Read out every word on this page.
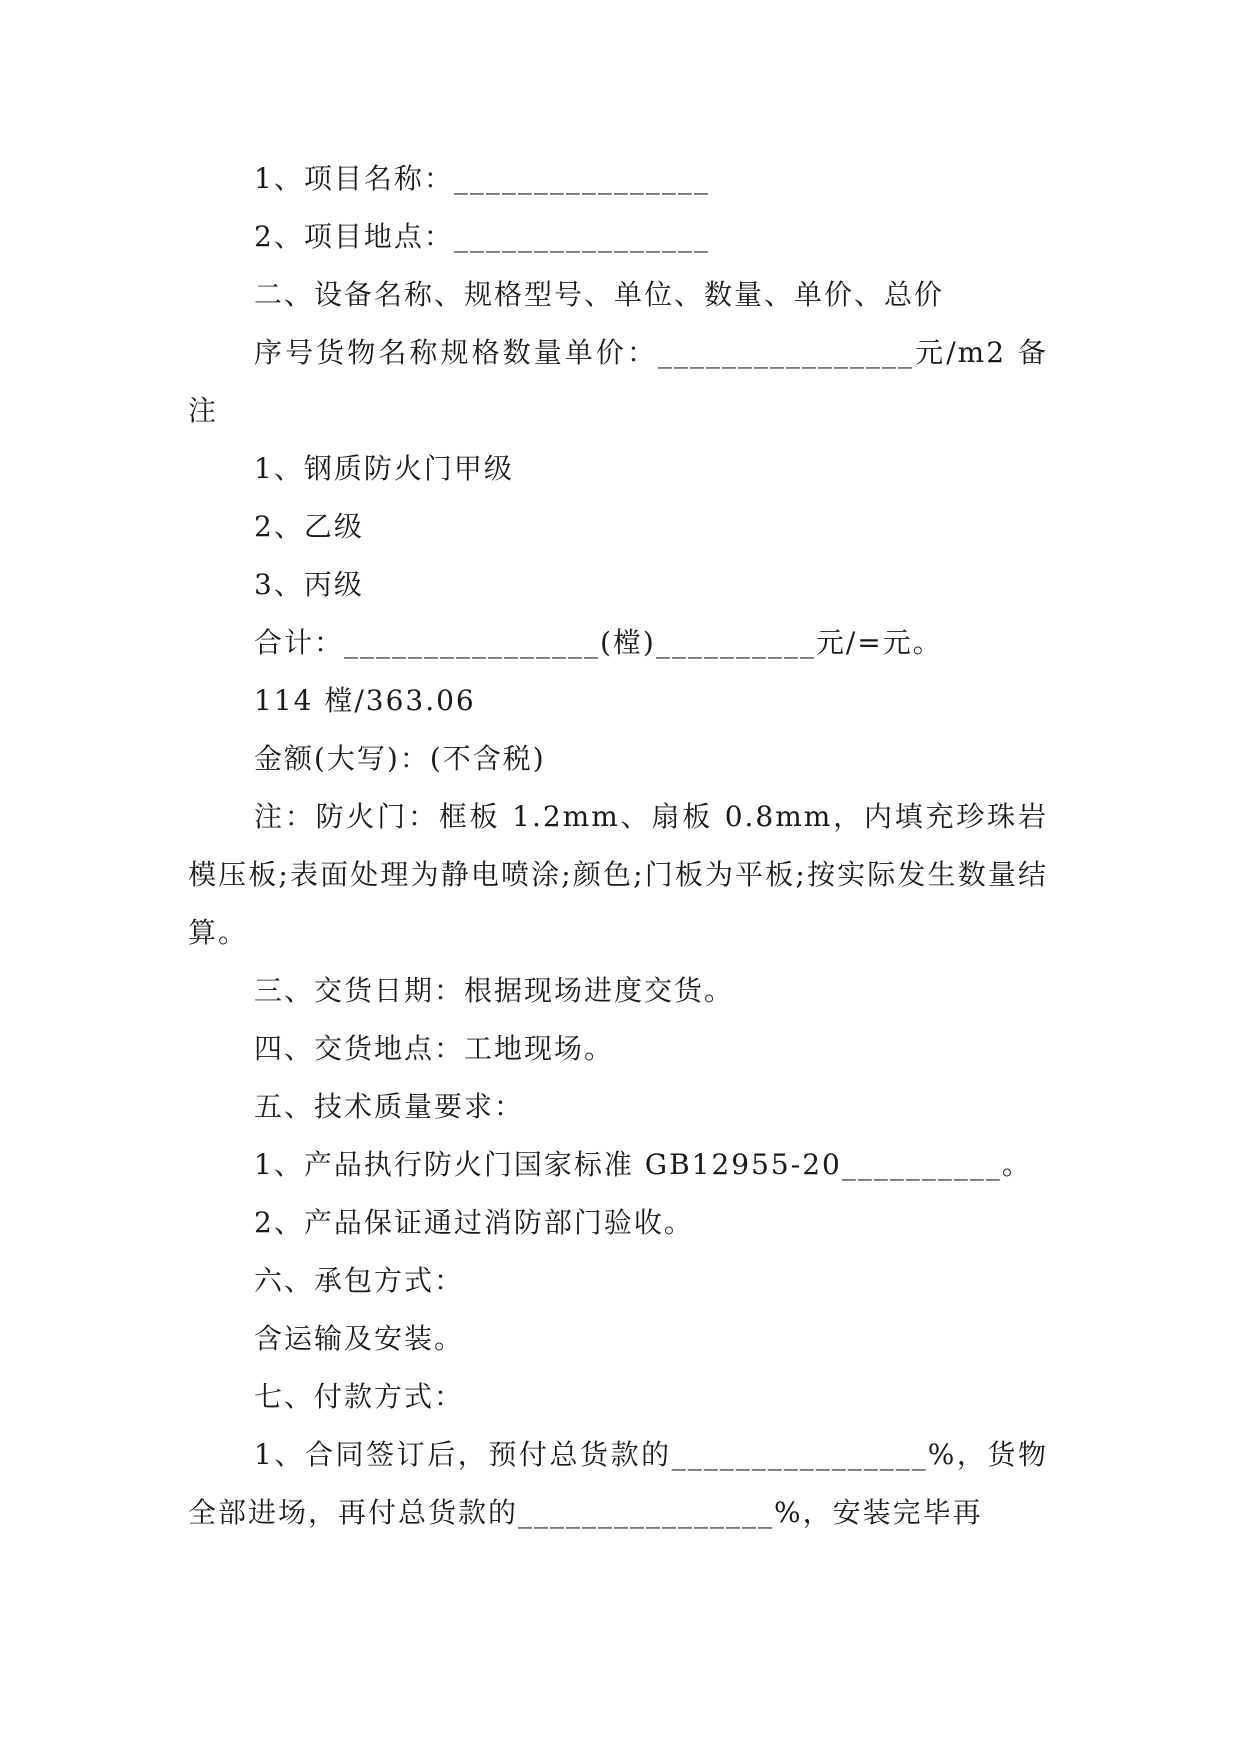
1、项目名称：________________

2、项目地点：________________

二、设备名称、规格型号、单位、数量、单价、总价

序号货物名称规格数量单价：________________元/m2 备注

1、钢质防火门甲级

2、乙级

3、丙级

合计：________________(樘)__________元/=元。

114 樘/363.06

金额(大写)：(不含税)

注：防火门：框板 1.2mm、扇板 0.8mm，内填充珍珠岩模压板;表面处理为静电喷涂;颜色;门板为平板;按实际发生数量结算。

三、交货日期：根据现场进度交货。

四、交货地点：工地现场。

五、技术质量要求：

1、产品执行防火门国家标准 GB12955-20__________。

2、产品保证通过消防部门验收。

六、承包方式：

含运输及安装。

七、付款方式：

1、合同签订后，预付总货款的________________%，货物全部进场，再付总货款的________________%，安装完毕再
